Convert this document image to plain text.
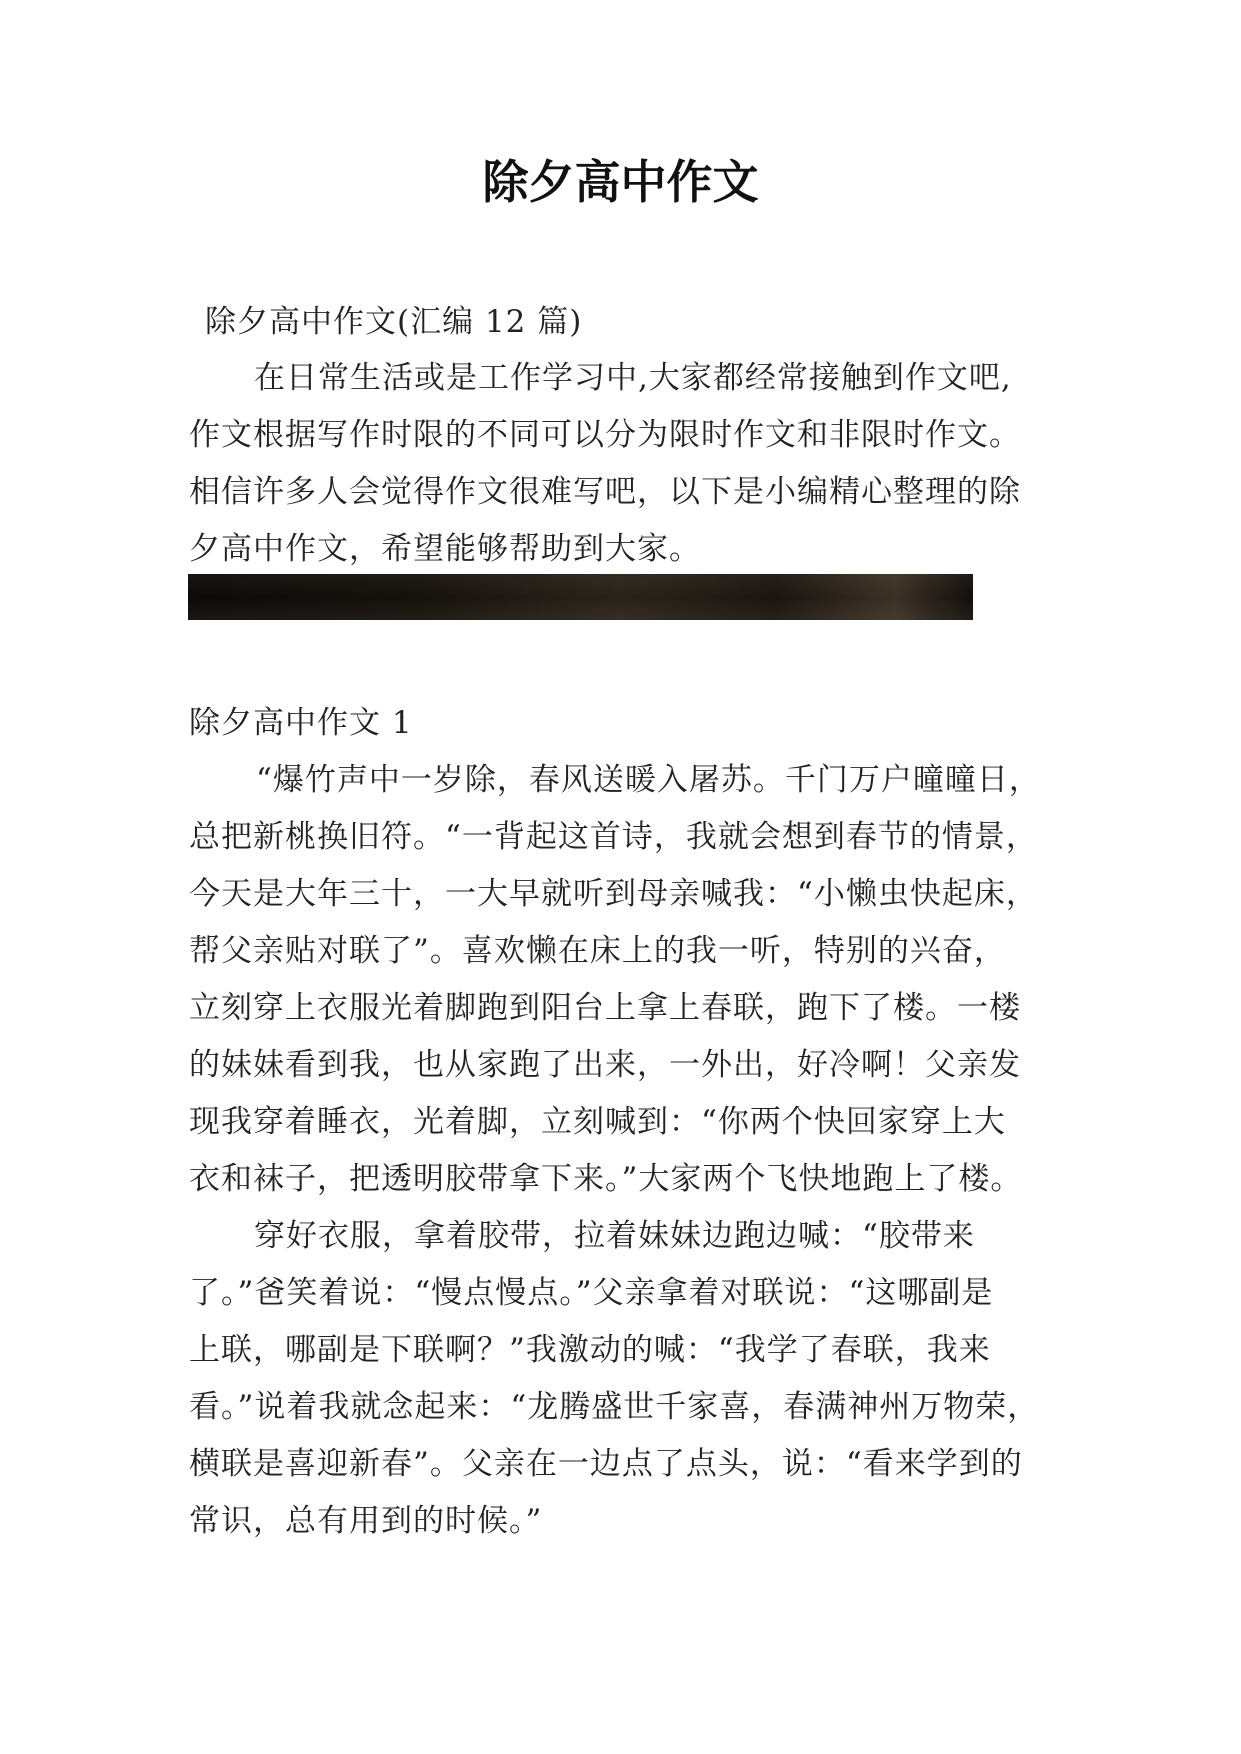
除夕高中作文
除夕高中作文(汇编 12 篇)
在日常生活或是工作学习中,大家都经常接触到作文吧,
作文根据写作时限的不同可以分为限时作文和非限时作文。
相信许多人会觉得作文很难写吧，以下是小编精心整理的除
夕高中作文，希望能够帮助到大家。
除夕高中作文 1
“爆竹声中一岁除，春风送暖入屠苏。千门万户曈曈日，
总把新桃换旧符。“一背起这首诗，我就会想到春节的情景，
今天是大年三十，一大早就听到母亲喊我：“小懒虫快起床，
帮父亲贴对联了”。喜欢懒在床上的我一听，特别的兴奋，
立刻穿上衣服光着脚跑到阳台上拿上春联，跑下了楼。一楼
的妹妹看到我，也从家跑了出来，一外出，好冷啊！父亲发
现我穿着睡衣，光着脚，立刻喊到：“你两个快回家穿上大
衣和袜子，把透明胶带拿下来。”大家两个飞快地跑上了楼。
穿好衣服，拿着胶带，拉着妹妹边跑边喊：“胶带来
了。”爸笑着说：“慢点慢点。”父亲拿着对联说：“这哪副是
上联，哪副是下联啊？”我激动的喊：“我学了春联，我来
看。”说着我就念起来：“龙腾盛世千家喜，春满神州万物荣，
横联是喜迎新春”。父亲在一边点了点头，说：“看来学到的
常识，总有用到的时候。”
